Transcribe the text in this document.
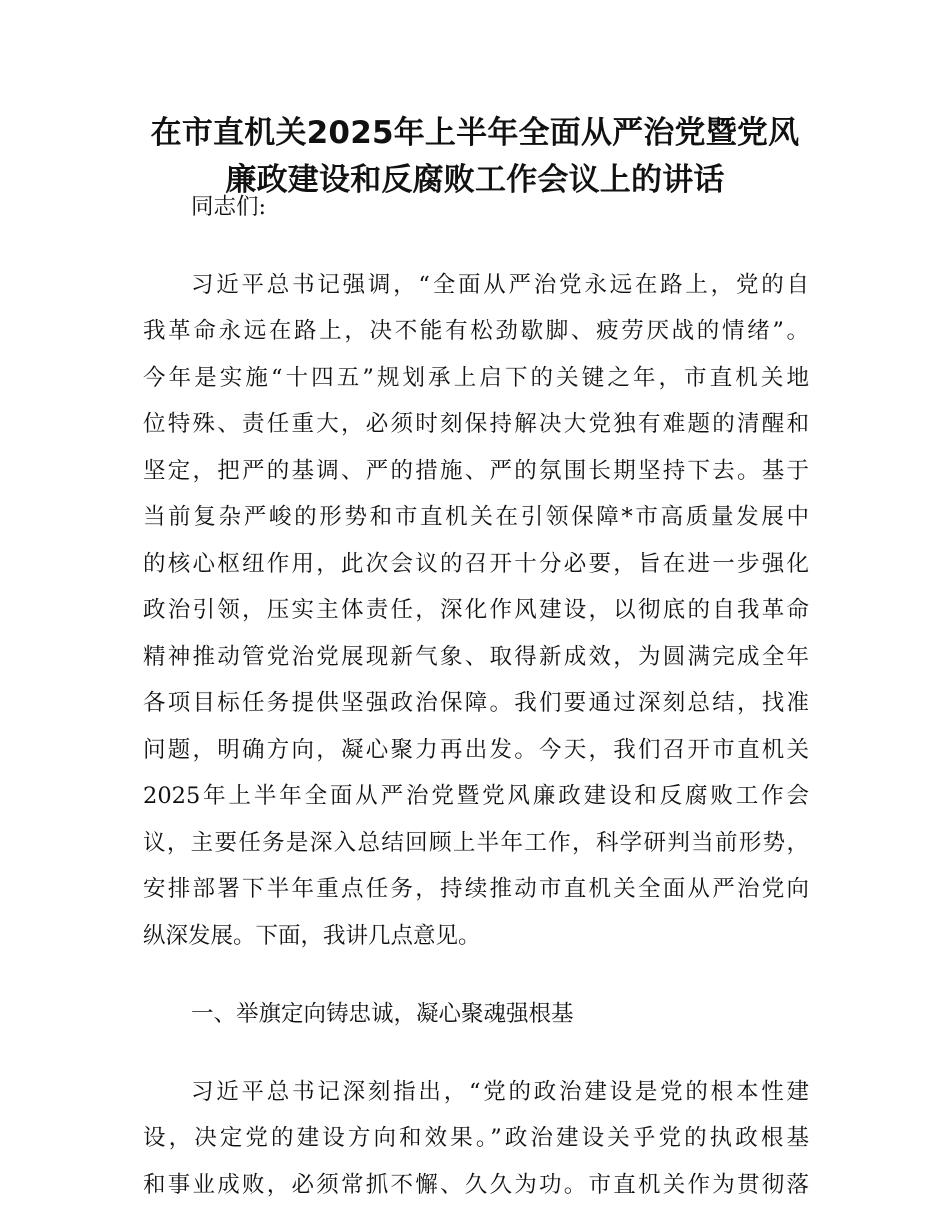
在市直机关2025年上半年全面从严治党暨党风
廉政建设和反腐败工作会议上的讲话
同志们:
习近平总书记强调，“全面从严治党永远在路上，党的自
我革命永远在路上，决不能有松劲歇脚、疲劳厌战的情绪”。
今年是实施“十四五”规划承上启下的关键之年，市直机关地
位特殊、责任重大，必须时刻保持解决大党独有难题的清醒和
坚定，把严的基调、严的措施、严的氛围长期坚持下去。基于
当前复杂严峻的形势和市直机关在引领保障*市高质量发展中
的核心枢纽作用，此次会议的召开十分必要，旨在进一步强化
政治引领，压实主体责任，深化作风建设，以彻底的自我革命
精神推动管党治党展现新气象、取得新成效，为圆满完成全年
各项目标任务提供坚强政治保障。我们要通过深刻总结，找准
问题，明确方向，凝心聚力再出发。今天，我们召开市直机关
2025年上半年全面从严治党暨党风廉政建设和反腐败工作会
议，主要任务是深入总结回顾上半年工作，科学研判当前形势，
安排部署下半年重点任务，持续推动市直机关全面从严治党向
纵深发展。下面，我讲几点意见。
一、举旗定向铸忠诚，凝心聚魂强根基
习近平总书记深刻指出，“党的政治建设是党的根本性建
设，决定党的建设方向和效果。”政治建设关乎党的执政根基
和事业成败，必须常抓不懈、久久为功。市直机关作为贯彻落
